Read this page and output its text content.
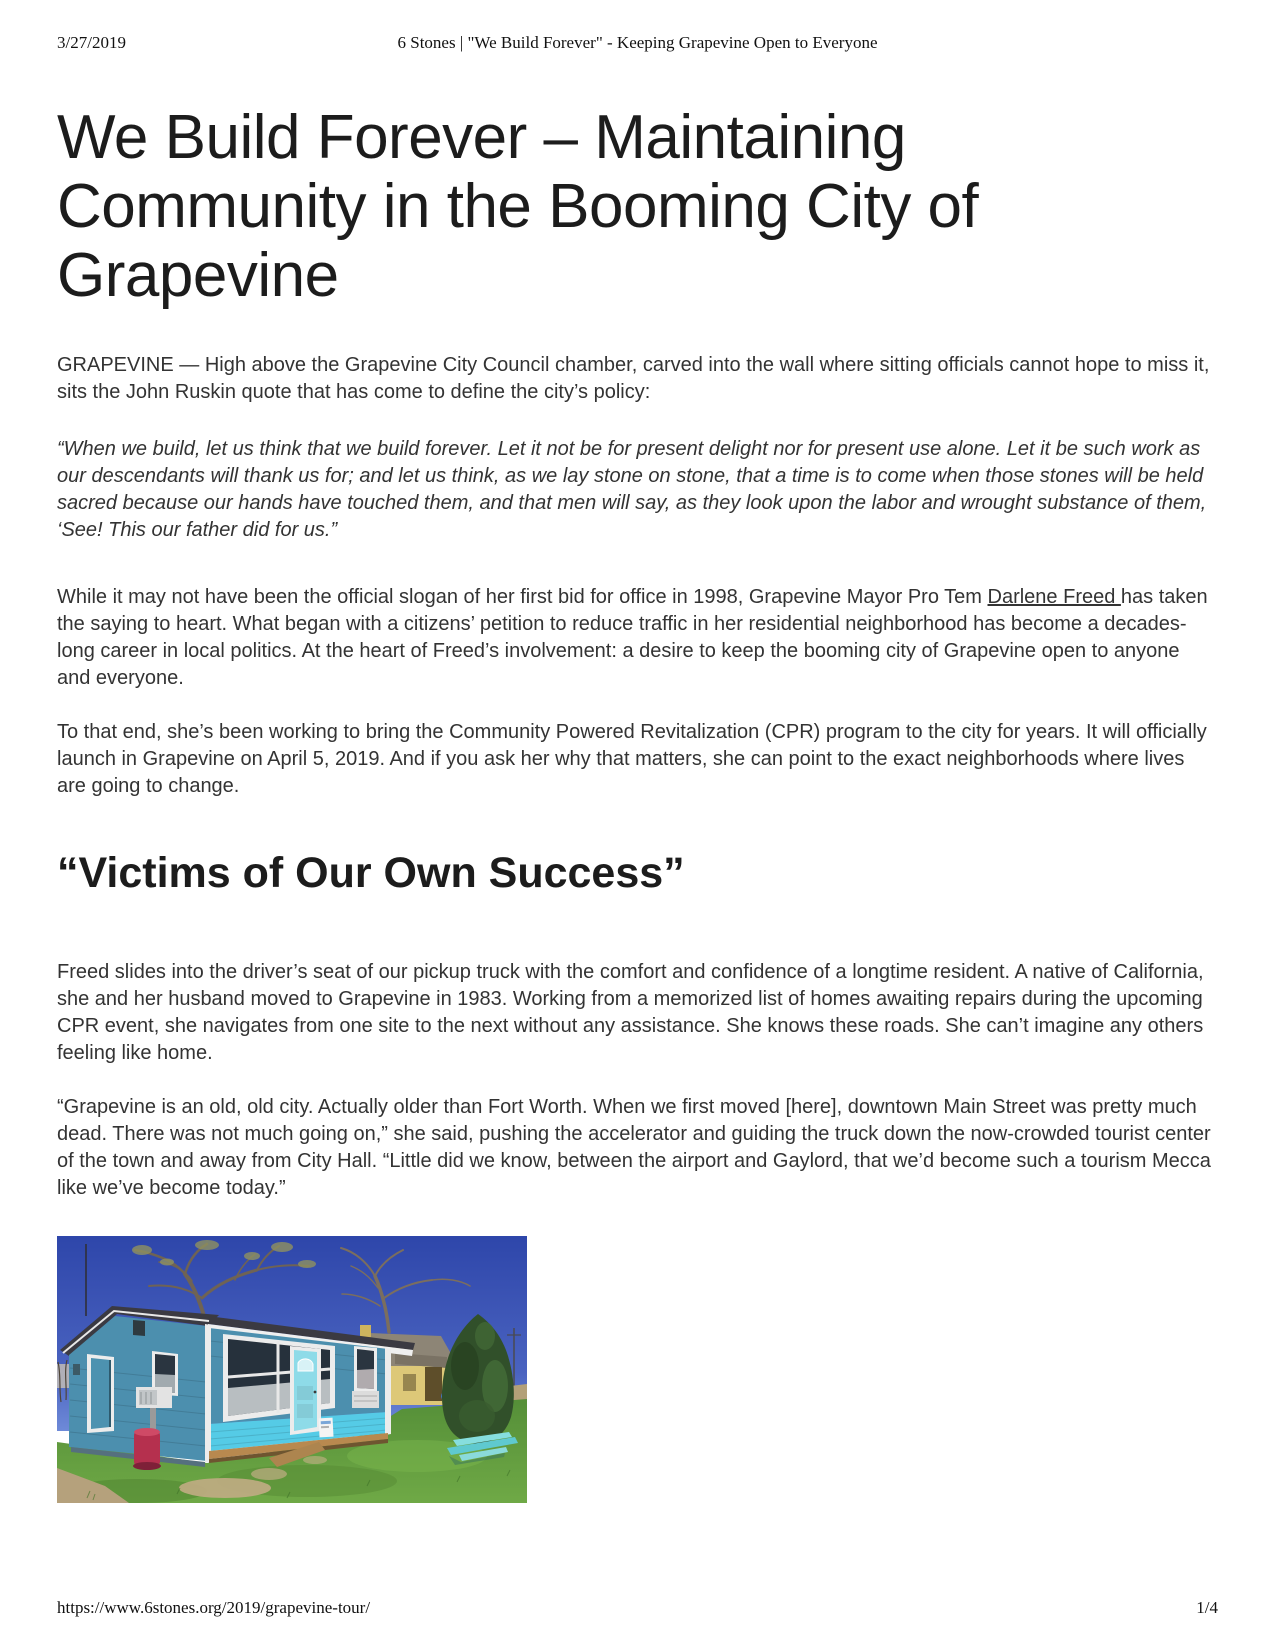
3/27/2019	6 Stones | "We Build Forever" - Keeping Grapevine Open to Everyone
We Build Forever – Maintaining Community in the Booming City of Grapevine

GRAPEVINE — High above the Grapevine City Council chamber, carved into the wall where sitting officials cannot hope to miss it, sits the John Ruskin quote that has come to define the city’s policy:

“When we build, let us think that we build forever. Let it not be for present delight nor for present use alone. Let it be such work as our descendants will thank us for; and let us think, as we lay stone on stone, that a time is to come when those stones will be held sacred because our hands have touched them, and that men will say, as they look upon the labor and wrought substance of them, ‘See! This our father did for us.”

While it may not have been the official slogan of her first bid for office in 1998, Grapevine Mayor Pro Tem Darlene Freed has taken the saying to heart. What began with a citizens’ petition to reduce traffic in her residential neighborhood has become a decades-long career in local politics. At the heart of Freed’s involvement: a desire to keep the booming city of Grapevine open to anyone and everyone.

To that end, she’s been working to bring the Community Powered Revitalization (CPR) program to the city for years. It will officially launch in Grapevine on April 5, 2019. And if you ask her why that matters, she can point to the exact neighborhoods where lives are going to change.

“Victims of Our Own Success”

Freed slides into the driver’s seat of our pickup truck with the comfort and confidence of a longtime resident. A native of California, she and her husband moved to Grapevine in 1983. Working from a memorized list of homes awaiting repairs during the upcoming CPR event, she navigates from one site to the next without any assistance. She knows these roads. She can’t imagine any others feeling like home.

“Grapevine is an old, old city. Actually older than Fort Worth. When we first moved [here], downtown Main Street was pretty much dead. There was not much going on,” she said, pushing the accelerator and guiding the truck down the now-crowded tourist center of the town and away from City Hall. “Little did we know, between the airport and Gaylord, that we’d become such a tourism Mecca like we’ve become today.”

https://www.6stones.org/2019/grapevine-tour/	1/4
